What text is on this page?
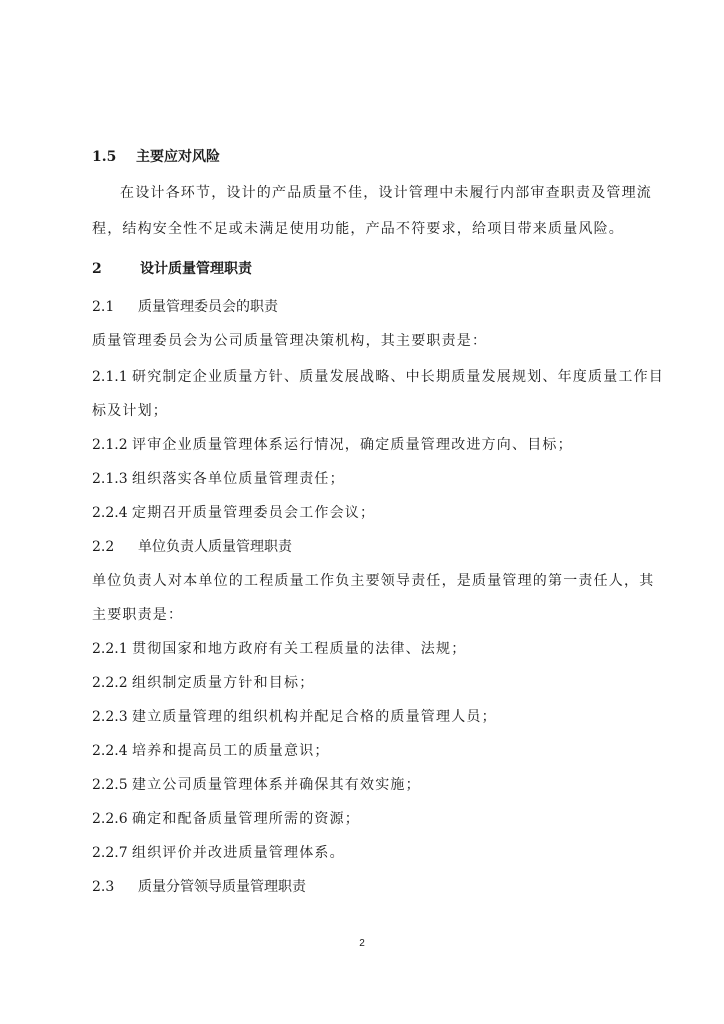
1.5 主要应对风险
在设计各环节，设计的产品质量不佳，设计管理中未履行内部审查职责及管理流
程，结构安全性不足或未满足使用功能，产品不符要求，给项目带来质量风险。
2	设计质量管理职责
2.1 质量管理委员会的职责
质量管理委员会为公司质量管理决策机构，其主要职责是：
2.1.1 研究制定企业质量方针、质量发展战略、中长期质量发展规划、年度质量工作目
标及计划；
2.1.2 评审企业质量管理体系运行情况，确定质量管理改进方向、目标；
2.1.3 组织落实各单位质量管理责任；
2.2.4 定期召开质量管理委员会工作会议；
2.2 单位负责人质量管理职责
单位负责人对本单位的工程质量工作负主要领导责任，是质量管理的第一责任人，其
主要职责是：
2.2.1 贯彻国家和地方政府有关工程质量的法律、法规；
2.2.2 组织制定质量方针和目标；
2.2.3 建立质量管理的组织机构并配足合格的质量管理人员；
2.2.4 培养和提高员工的质量意识；
2.2.5 建立公司质量管理体系并确保其有效实施；
2.2.6 确定和配备质量管理所需的资源；
2.2.7 组织评价并改进质量管理体系。
2.3 质量分管领导质量管理职责
2
